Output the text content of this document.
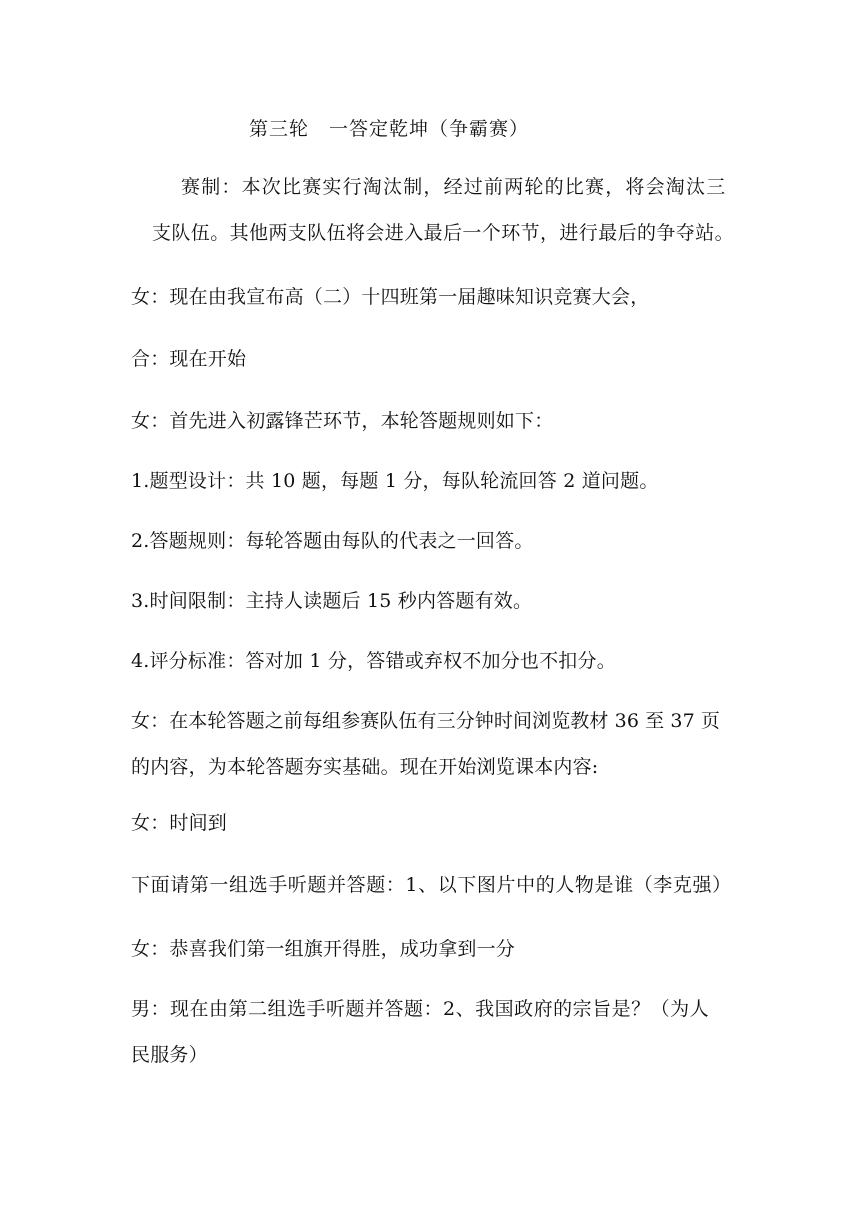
第三轮　一答定乾坤（争霸赛）
赛制：本次比赛实行淘汰制，经过前两轮的比赛，将会淘汰三
支队伍。其他两支队伍将会进入最后一个环节，进行最后的争夺站。
女：现在由我宣布高（二）十四班第一届趣味知识竞赛大会，
合：现在开始
女：首先进入初露锋芒环节，本轮答题规则如下：
1.题型设计：共 10 题，每题 1 分，每队轮流回答 2 道问题。
2.答题规则：每轮答题由每队的代表之一回答。
3.时间限制：主持人读题后 15 秒内答题有效。
4.评分标准：答对加 1 分，答错或弃权不加分也不扣分。
女：在本轮答题之前每组参赛队伍有三分钟时间浏览教材 36 至 37 页
的内容，为本轮答题夯实基础。现在开始浏览课本内容:
女：时间到
下面请第一组选手听题并答题：1、以下图片中的人物是谁（李克强）
女：恭喜我们第一组旗开得胜，成功拿到一分
男：现在由第二组选手听题并答题：2、我国政府的宗旨是？（为人
民服务）
